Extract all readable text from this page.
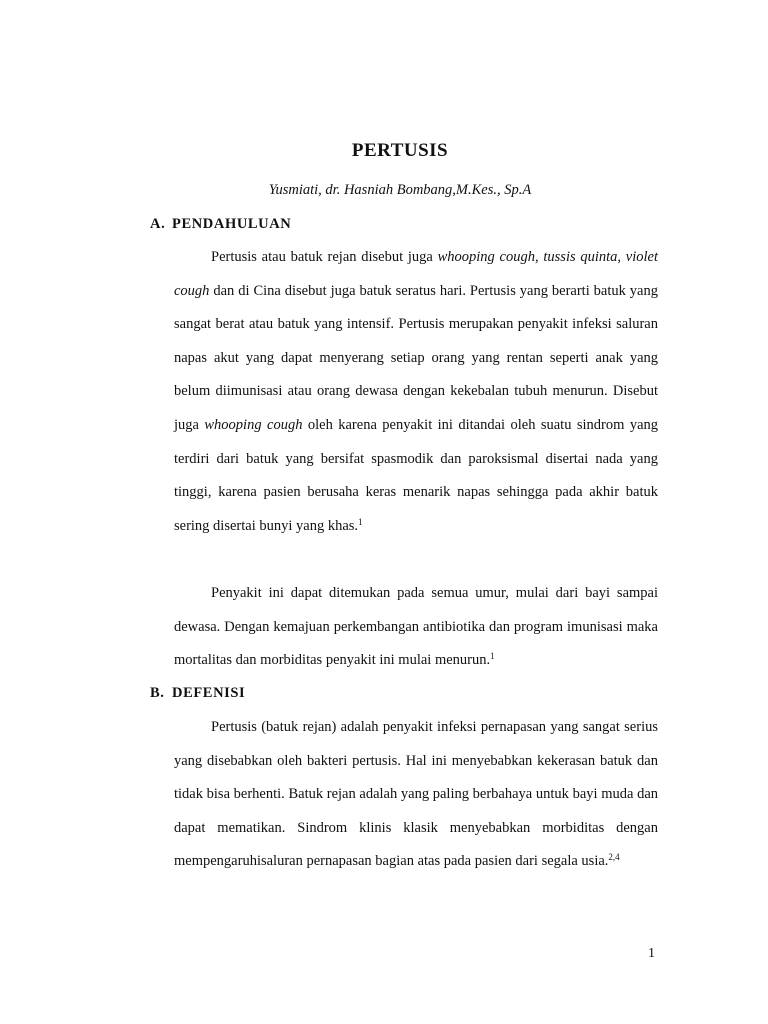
PERTUSIS
Yusmiati, dr. Hasniah Bombang,M.Kes., Sp.A
A. PENDAHULUAN
Pertusis atau batuk rejan disebut juga whooping cough, tussis quinta, violet cough dan di Cina disebut juga batuk seratus hari. Pertusis yang berarti batuk yang sangat berat atau batuk yang intensif. Pertusis merupakan penyakit infeksi saluran napas akut yang dapat menyerang setiap orang yang rentan seperti anak yang belum diimunisasi atau orang dewasa dengan kekebalan tubuh menurun. Disebut juga whooping cough oleh karena penyakit ini ditandai oleh suatu sindrom yang terdiri dari batuk yang bersifat spasmodik dan paroksismal disertai nada yang tinggi, karena pasien berusaha keras menarik napas sehingga pada akhir batuk sering disertai bunyi yang khas.$^1$
Penyakit ini dapat ditemukan pada semua umur, mulai dari bayi sampai dewasa. Dengan kemajuan perkembangan antibiotika dan program imunisasi maka mortalitas dan morbiditas penyakit ini mulai menurun.$^1$
B. DEFENISI
Pertusis (batuk rejan) adalah penyakit infeksi pernapasan yang sangat serius yang disebabkan oleh bakteri pertusis. Hal ini menyebabkan kekerasan batuk dan tidak bisa berhenti. Batuk rejan adalah yang paling berbahaya untuk bayi muda dan dapat mematikan. Sindrom klinis klasik menyebabkan morbiditas dengan mempengaruhisaluran pernapasan bagian atas pada pasien dari segala usia.$^{2,4}$
1
